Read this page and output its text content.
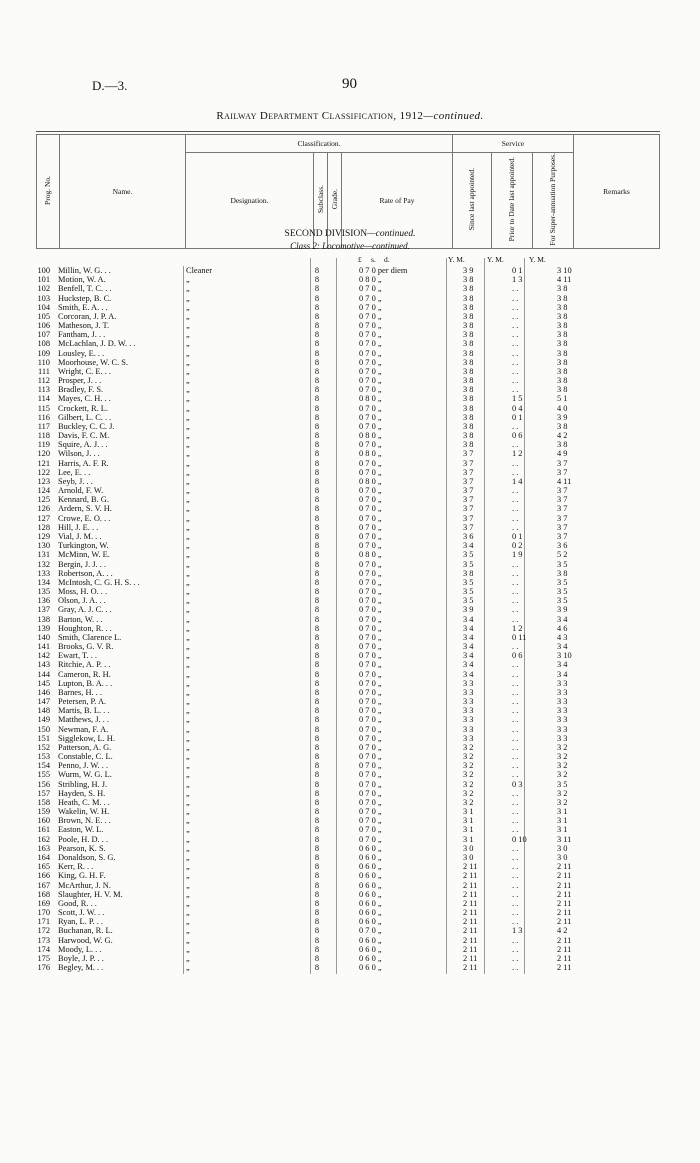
D.—3.	90
Railway Department Classification, 1912—continued.
Prog. No.	Name.	Classification.				Service			Remarks
		Designation.	Subclass.	Grade.	Rate of Pay	Since last appointed.	Prior to Date last appointed.	For Super-annuation Purposes.	
SECOND DIVISION—continued.
Class 2: Locomotive—continued.
£ s. d.	Y. M.	Y. M.	Y. M.
100 Millin, W. G. . .	Cleaner	8	0 7 0 per diem	3 9	0 1	3 10
101 Motion, W. A.	„	8	0 8 0 „	3 8	1 3	4 11
102 Benfell, T. C. . .	„	8	0 7 0 „	3 8	. .	3 8
103 Huckstep, B. C.	„	8	0 7 0 „	3 8	. .	3 8
104 Smith, E. A. . .	„	8	0 7 0 „	3 8	. .	3 8
105 Corcoran, J. P. A.	„	8	0 7 0 „	3 8	. .	3 8
106 Matheson, J. T.	„	8	0 7 0 „	3 8	. .	3 8
107 Fantham, J. . .	„	8	0 7 0 „	3 8	. .	3 8
108 McLachlan, J. D. W. . .	„	8	0 7 0 „	3 8	. .	3 8
109 Lousley, E. . .	„	8	0 7 0 „	3 8	. .	3 8
110 Moorhouse, W. C. S.	„	8	0 7 0 „	3 8	. .	3 8
111 Wright, C. E. . .	„	8	0 7 0 „	3 8	. .	3 8
112 Prosper, J. . .	„	8	0 7 0 „	3 8	. .	3 8
113 Bradley, F. S.	„	8	0 7 0 „	3 8	. .	3 8
114 Mayes, C. H. . .	„	8	0 8 0 „	3 8	1 5	5 1
115 Crockett, R. L.	„	8	0 7 0 „	3 8	0 4	4 0
116 Gilbert, L. C. . .	„	8	0 7 0 „	3 8	0 1	3 9
117 Buckley, C. C. J.	„	8	0 7 0 „	3 8	. .	3 8
118 Davis, F. C. M.	„	8	0 8 0 „	3 8	0 6	4 2
119 Squire, A. J. . .	„	8	0 7 0 „	3 8	. .	3 8
120 Wilson, J. . .	„	8	0 8 0 „	3 7	1 2	4 9
121 Harris, A. F. R.	„	8	0 7 0 „	3 7	. .	3 7
122 Lee, E. . .	„	8	0 7 0 „	3 7	. .	3 7
123 Seyb, J. . .	„	8	0 8 0 „	3 7	1 4	4 11
124 Arnold, F. W.	„	8	0 7 0 „	3 7	. .	3 7
125 Kennard, B. G.	„	8	0 7 0 „	3 7	. .	3 7
126 Ardern, S. V. H.	„	8	0 7 0 „	3 7	. .	3 7
127 Crowe, E. O. . .	„	8	0 7 0 „	3 7	. .	3 7
128 Hill, J. E. . .	„	8	0 7 0 „	3 7	. .	3 7
129 Vial, J. M. . .	„	8	0 7 0 „	3 6	0 1	3 7
130 Turkington, W.	„	8	0 7 0 „	3 4	0 2	3 6
131 McMinn, W. E.	„	8	0 8 0 „	3 5	1 9	5 2
132 Bergin, J. J. . .	„	8	0 7 0 „	3 5	. .	3 5
133 Robertson, A. . .	„	8	0 7 0 „	3 8	. .	3 8
134 McIntosh, C. G. H. S. . .	„	8	0 7 0 „	3 5	. .	3 5
135 Moss, H. O. . .	„	8	0 7 0 „	3 5	. .	3 5
136 Olson, J. A. . .	„	8	0 7 0 „	3 5	. .	3 5
137 Gray, A. J. C. . .	„	8	0 7 0 „	3 9	. .	3 9
138 Barton, W. . .	„	8	0 7 0 „	3 4	. .	3 4
139 Houghton, R. . .	„	8	0 7 0 „	3 4	1 2	4 6
140 Smith, Clarence L.	„	8	0 7 0 „	3 4	0 11	4 3
141 Brooks, G. V. R.	„	8	0 7 0 „	3 4	. .	3 4
142 Ewart, T. . .	„	8	0 7 0 „	3 4	0 6	3 10
143 Ritchie, A. P. . .	„	8	0 7 0 „	3 4	. .	3 4
144 Cameron, R. H.	„	8	0 7 0 „	3 4	. .	3 4
145 Lupton, B. A. . .	„	8	0 7 0 „	3 3	. .	3 3
146 Barnes, H. . .	„	8	0 7 0 „	3 3	. .	3 3
147 Petersen, P. A.	„	8	0 7 0 „	3 3	. .	3 3
148 Martis, B. L. . .	„	8	0 7 0 „	3 3	. .	3 3
149 Matthews, J. . .	„	8	0 7 0 „	3 3	. .	3 3
150 Newman, F. A.	„	8	0 7 0 „	3 3	. .	3 3
151 Sigglekow, L. H.	„	8	0 7 0 „	3 3	. .	3 3
152 Patterson, A. G.	„	8	0 7 0 „	3 2	. .	3 2
153 Constable, C. L.	„	8	0 7 0 „	3 2	. .	3 2
154 Penno, J. W. . .	„	8	0 7 0 „	3 2	. .	3 2
155 Wurm, W. G. L.	„	8	0 7 0 „	3 2	. .	3 2
156 Stribling, H. J.	„	8	0 7 0 „	3 2	0 3	3 5
157 Hayden, S. H.	„	8	0 7 0 „	3 2	. .	3 2
158 Heath, C. M. . .	„	8	0 7 0 „	3 2	. .	3 2
159 Wakelin, W. H.	„	8	0 7 0 „	3 1	. .	3 1
160 Brown, N. E. . .	„	8	0 7 0 „	3 1	. .	3 1
161 Easton, W. L.	„	8	0 7 0 „	3 1	. .	3 1
162 Poole, H. D. . .	„	8	0 7 0 „	3 1	0 10	3 11
163 Pearson, K. S.	„	8	0 6 0 „	3 0	. .	3 0
164 Donaldson, S. G.	„	8	0 6 0 „	3 0	. .	3 0
165 Kerr, R. . .	„	8	0 6 0 „	2 11	. .	2 11
166 King, G. H. F.	„	8	0 6 0 „	2 11	. .	2 11
167 McArthur, J. N.	„	8	0 6 0 „	2 11	. .	2 11
168 Slaughter, H. V. M.	„	8	0 6 0 „	2 11	. .	2 11
169 Good, R. . .	„	8	0 6 0 „	2 11	. .	2 11
170 Scott, J. W. . .	„	8	0 6 0 „	2 11	. .	2 11
171 Ryan, L. P. . .	„	8	0 6 0 „	2 11	. .	2 11
172 Buchanan, R. L.	„	8	0 7 0 „	2 11	1 3	4 2
173 Harwood, W. G.	„	8	0 6 0 „	2 11	. .	2 11
174 Moody, L. . .	„	8	0 6 0 „	2 11	. .	2 11
175 Boyle, J. P. . .	„	8	0 6 0 „	2 11	. .	2 11
176 Begley, M. . .	„	8	0 6 0 „	2 11	. .	2 11
